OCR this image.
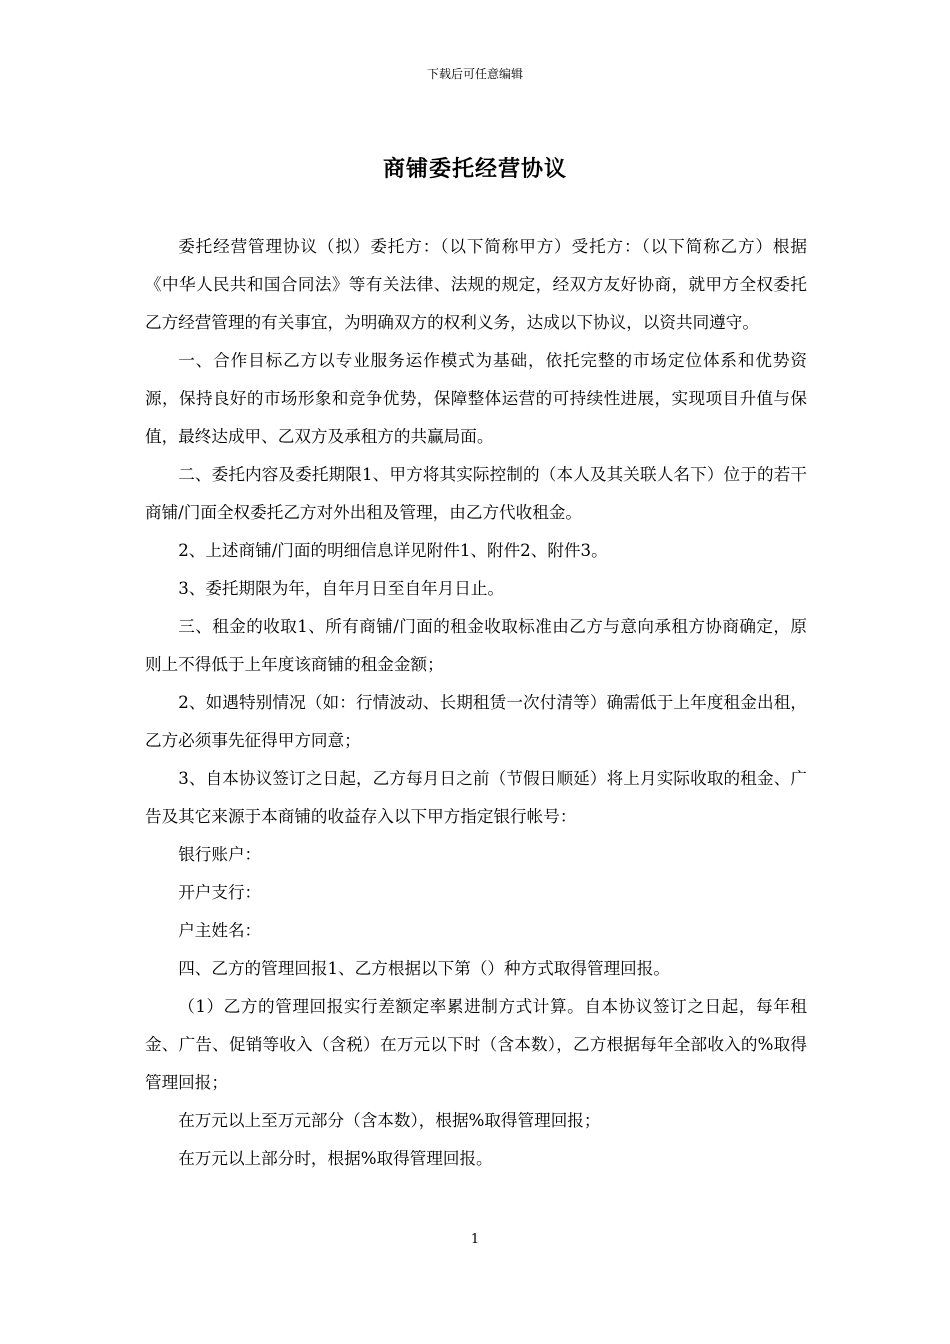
下载后可任意编辑
商铺委托经营协议

委托经营管理协议（拟）委托方：（以下简称甲方）受托方：（以下简称乙方）根据《中华人民共和国合同法》等有关法律、法规的规定，经双方友好协商，就甲方全权委托乙方经营管理的有关事宜，为明确双方的权利义务，达成以下协议，以资共同遵守。

一、合作目标乙方以专业服务运作模式为基础，依托完整的市场定位体系和优势资源，保持良好的市场形象和竞争优势，保障整体运营的可持续性进展，实现项目升值与保值，最终达成甲、乙双方及承租方的共赢局面。

二、委托内容及委托期限1、甲方将其实际控制的（本人及其关联人名下）位于的若干商铺/门面全权委托乙方对外出租及管理，由乙方代收租金。

2、上述商铺/门面的明细信息详见附件1、附件2、附件3。

3、委托期限为年，自年月日至自年月日止。

三、租金的收取1、所有商铺/门面的租金收取标准由乙方与意向承租方协商确定，原则上不得低于上年度该商铺的租金金额；

2、如遇特别情况（如：行情波动、长期租赁一次付清等）确需低于上年度租金出租，乙方必须事先征得甲方同意；

3、自本协议签订之日起，乙方每月日之前（节假日顺延）将上月实际收取的租金、广告及其它来源于本商铺的收益存入以下甲方指定银行帐号：

银行账户：

开户支行：

户主姓名：

四、乙方的管理回报1、乙方根据以下第（）种方式取得管理回报。

（1）乙方的管理回报实行差额定率累进制方式计算。自本协议签订之日起，每年租金、广告、促销等收入（含税）在万元以下时（含本数），乙方根据每年全部收入的%取得管理回报；

在万元以上至万元部分（含本数），根据%取得管理回报；

在万元以上部分时，根据%取得管理回报。

1
